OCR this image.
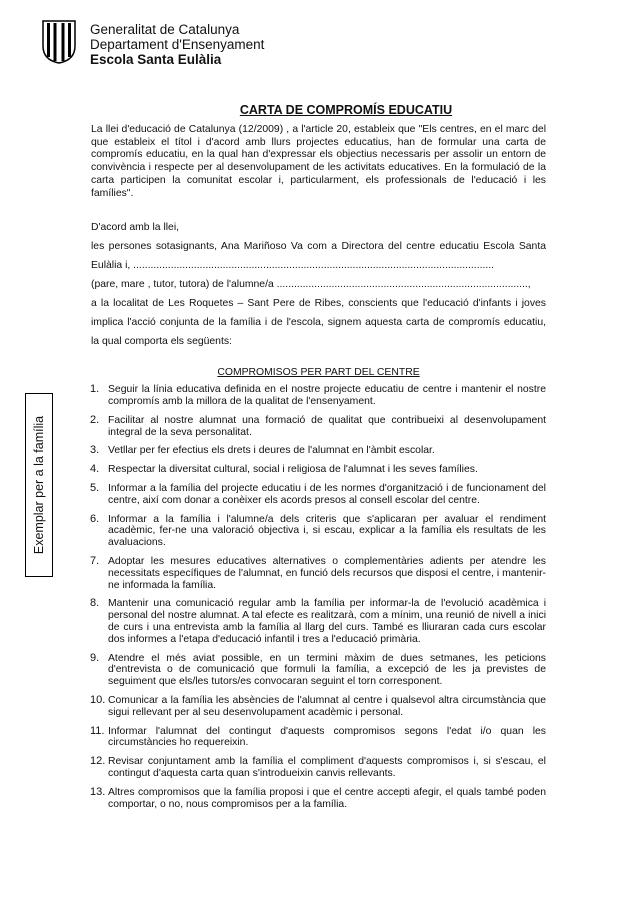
Generalitat de Catalunya
Departament d'Ensenyament
Escola Santa Eulàlia
Exemplar per a la família
CARTA DE COMPROMÍS EDUCATIU

La llei d'educació de Catalunya (12/2009) , a l'article 20, estableix que "Els centres, en el marc del que estableix el títol i d'acord amb llurs projectes educatius, han de formular una carta de compromís educatiu, en la qual han d'expressar els objectius necessaris per assolir un entorn de convivència i respecte per al desenvolupament de les activitats educatives. En la formulació de la carta participen la comunitat escolar i, particularment, els professionals de l'educació i les famílies".

D'acord amb la llei,
les persones sotasignants, Ana Mariñoso Va com a Directora del centre educatiu Escola Santa
Eulàlia i, .............................................................................................................................
(pare, mare , tutor, tutora) de l'alumne/a .......................................................................................,
a la localitat de Les Roquetes – Sant Pere de Ribes, conscients que l'educació d'infants i joves
implica l'acció conjunta de la família i de l'escola, signem aquesta carta de compromís educatiu,
la qual comporta els següents:
COMPROMISOS PER PART DEL CENTRE
1. Seguir la línia educativa definida en el nostre projecte educatiu de centre i mantenir el nostre compromís amb la millora de la qualitat de l'ensenyament.
2. Facilitar al nostre alumnat una formació de qualitat que contribueixi al desenvolupament integral de la seva personalitat.
3. Vetllar per fer efectius els drets i deures de l'alumnat en l'àmbit escolar.
4. Respectar la diversitat cultural, social i religiosa de l'alumnat i les seves famílies.
5. Informar a la família del projecte educatiu i de les normes d'organització i de funcionament del centre, així com donar a conèixer els acords presos al consell escolar del centre.
6. Informar a la família i l'alumne/a dels criteris que s'aplicaran per avaluar el rendiment acadèmic, fer-ne una valoració objectiva i, si escau, explicar a la família els resultats de les avaluacions.
7. Adoptar les mesures educatives alternatives o complementàries adients per atendre les necessitats específiques de l'alumnat, en funció dels recursos que disposi el centre, i mantenir-ne informada la família.
8. Mantenir una comunicació regular amb la família per informar-la de l'evolució acadèmica i personal del nostre alumnat. A tal efecte es realitzarà, com a mínim, una reunió de nivell a inici de curs i una entrevista amb la família al llarg del curs. També es lliuraran cada curs escolar dos informes a l'etapa d'educació infantil i tres a l'educació primària.
9. Atendre el més aviat possible, en un termini màxim de dues setmanes, les peticions d'entrevista o de comunicació que formuli la família, a excepció de les ja previstes de seguiment que els/les tutors/es convocaran seguint el torn corresponent.
10. Comunicar a la família les absències de l'alumnat al centre i qualsevol altra circumstància que sigui rellevant per al seu desenvolupament acadèmic i personal.
11. Informar l'alumnat del contingut d'aquests compromisos segons l'edat i/o quan les circumstàncies ho requereixin.
12. Revisar conjuntament amb la família el compliment d'aquests compromisos i, si s'escau, el contingut d'aquesta carta quan s'introdueixin canvis rellevants.
13. Altres compromisos que la família proposi i que el centre accepti afegir, el quals també poden comportar, o no, nous compromisos per a la família.
